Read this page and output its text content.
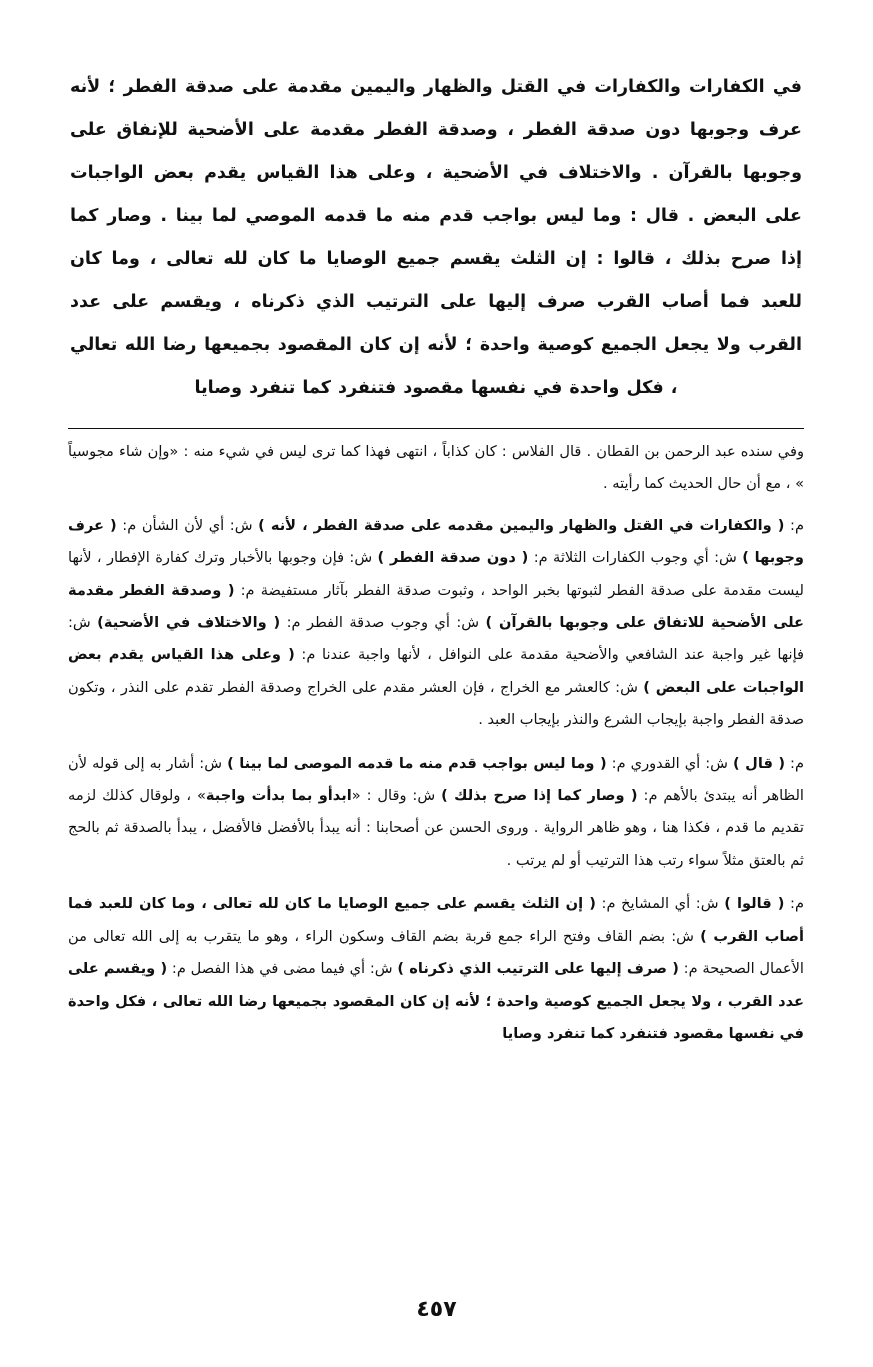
في الكفارات والكفارات في القتل والظهار واليمين مقدمة على صدقة الفطر ؛ لأنه عرف وجوبها دون صدقة الفطر ، وصدقة الفطر مقدمة على الأضحية للإنفاق على وجوبها بالقرآن . والاختلاف في الأضحية ، وعلى هذا القياس يقدم بعض الواجبات على البعض . قال : وما ليس بواجب قدم منه ما قدمه الموصي لما بينا . وصار كما إذا صرح بذلك ، قالوا : إن الثلث يقسم جميع الوصايا ما كان لله تعالى ، وما كان للعبد فما أصاب القرب صرف إليها على الترتيب الذي ذكرناه ، ويقسم على عدد القرب ولا يجعل الجميع كوصية واحدة ؛ لأنه إن كان المقصود بجميعها رضا الله تعالي ، فكل واحدة في نفسها مقصود فتنفرد كما تنفرد وصايا

وفي سنده عبد الرحمن بن القطان . قال الفلاس : كان كذاباً ، انتهى فهذا كما ترى ليس في شيء منه : «وإن شاء مجوسياً » ، مع أن حال الحديث كما رأيته .

م: ( والكفارات في القتل والظهار واليمين مقدمه على صدقة الفطر ، لأنه ) ش: أي لأن الشأن م: ( عرف وجوبها ) ش: أي وجوب الكفارات الثلاثة م: ( دون صدقة الفطر ) ش: فإن وجوبها بالأخبار وترك كفارة الإفطار ، لأنها ليست مقدمة على صدقة الفطر لثبوتها بخبر الواحد ، وثبوت صدقة الفطر بآثار مستفيضة م: ( وصدقة الفطر مقدمة على الأضحية للاتفاق على وجوبها بالقرآن ) ش: أي وجوب صدقة الفطر م: ( والاختلاف في الأضحية) ش: فإنها غير واجبة عند الشافعي والأضحية مقدمة على النوافل ، لأنها واجبة عندنا م: ( وعلى هذا القياس يقدم بعض الواجبات على البعض ) ش: كالعشر مع الخراج ، فإن العشر مقدم على الخراج وصدقة الفطر تقدم على النذر ، وتكون صدقة الفطر واجبة بإيجاب الشرع والنذر بإيجاب العبد .

م: ( قال ) ش: أي القدوري م: ( وما ليس بواجب قدم منه ما قدمه الموصى لما بينا ) ش: أشار به إلى قوله لأن الظاهر أنه يبتدئ بالأهم م: ( وصار كما إذا صرح بذلك ) ش: وقال : «ابدأو بما بدأت واجبة» ، ولوقال كذلك لزمه تقديم ما قدم ، فكذا هنا ، وهو ظاهر الرواية . وروى الحسن عن أصحابنا : أنه يبدأ بالأفضل فالأفضل ، يبدأ بالصدقة ثم بالحج ثم بالعتق مثلاً سواء رتب هذا الترتيب أو لم يرتب .

م: ( قالوا ) ش: أي المشايخ م: ( إن الثلث يقسم على جميع الوصايا ما كان لله تعالى ، وما كان للعبد فما أصاب القرب ) ش: بضم القاف وفتح الراء جمع قربة بضم القاف وسكون الراء ، وهو ما يتقرب به إلى الله تعالى من الأعمال الصحيحة م: ( صرف إليها على الترتيب الذي ذكرناه ) ش: أي فيما مضى في هذا الفصل م: ( ويقسم على عدد القرب ، ولا يجعل الجميع كوصية واحدة ؛ لأنه إن كان المقصود بجميعها رضا الله تعالى ، فكل واحدة في نفسها مقصود فتنفرد كما تنفرد وصايا

٤٥٧
